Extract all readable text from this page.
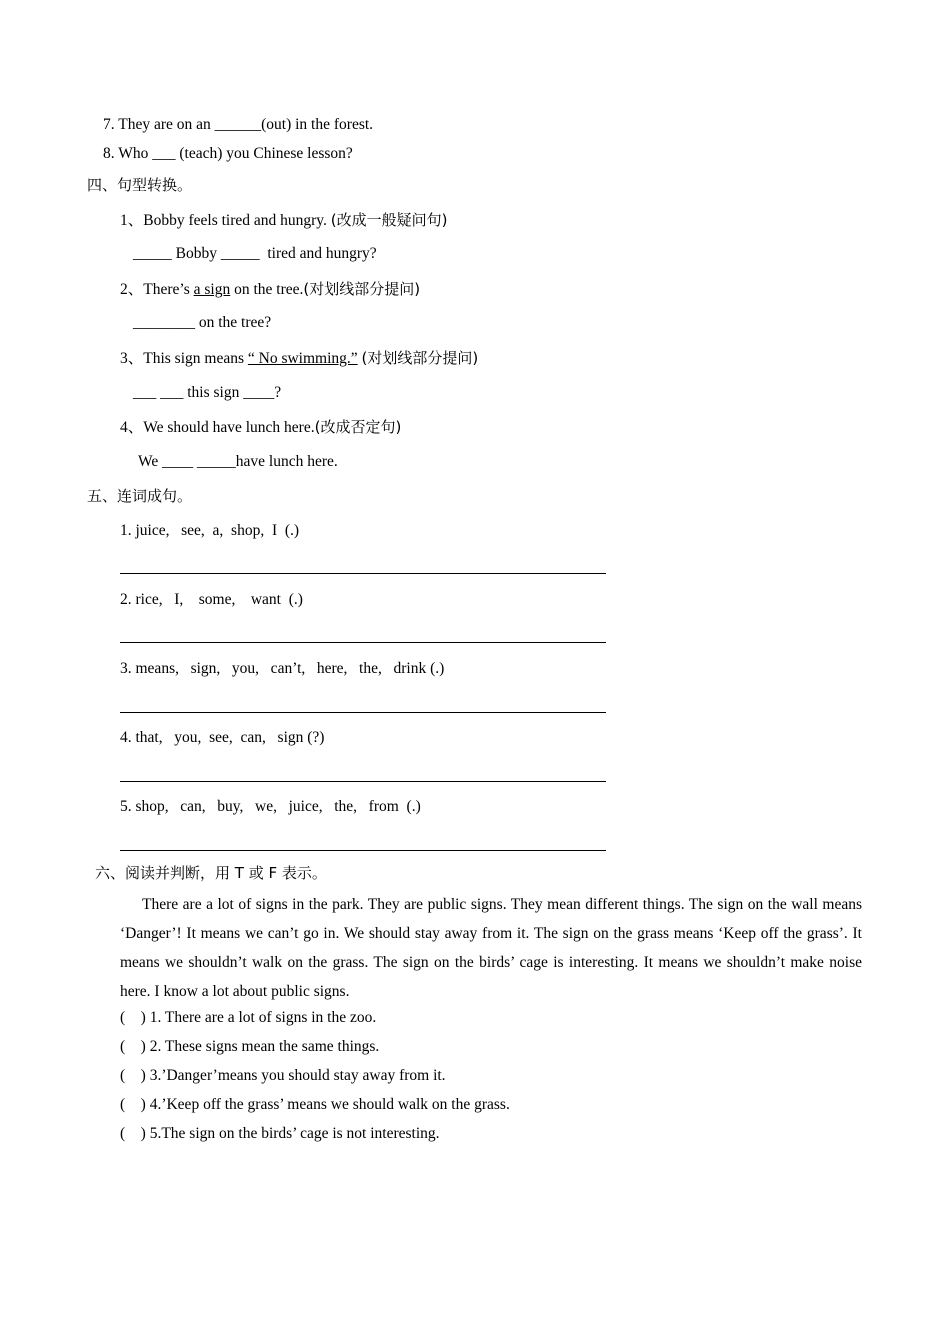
7. They are on an ______(out) in the forest.
8. Who ___ (teach) you Chinese lesson?
四、句型转换。
1、Bobby feels tired and hungry. (改成一般疑问句)
_____ Bobby _____  tired and hungry?
2、There’s a sign on the tree.(对划线部分提问)
________ on the tree?
3、This sign means “ No swimming.” (对划线部分提问)
___ ___ this sign ____?
4、We should have lunch here.(改成否定句)
We ____ _____have lunch here.
五、连词成句。
1. juice,   see,  a,  shop,  I  (.)
2. rice,   I,    some,    want  (.)
3. means,   sign,   you,   can’t,   here,   the,   drink (.)
4. that,   you,  see,  can,   sign (?)
5. shop,   can,   buy,   we,   juice,   the,   from  (.)
六、阅读并判断，用 T 或 F 表示。
There are a lot of signs in the park. They are public signs. They mean different things. The sign on the wall means ‘Danger’! It means we can’t go in. We should stay away from it. The sign on the grass means ‘Keep off the grass’. It means we shouldn’t walk on the grass. The sign on the birds’ cage is interesting. It means we shouldn’t make noise here. I know a lot about public signs.
(    ) 1. There are a lot of signs in the zoo.
(    ) 2. These signs mean the same things.
(    ) 3.’Danger’means you should stay away from it.
(    ) 4.’Keep off the grass’ means we should walk on the grass.
(    ) 5.The sign on the birds’ cage is not interesting.
